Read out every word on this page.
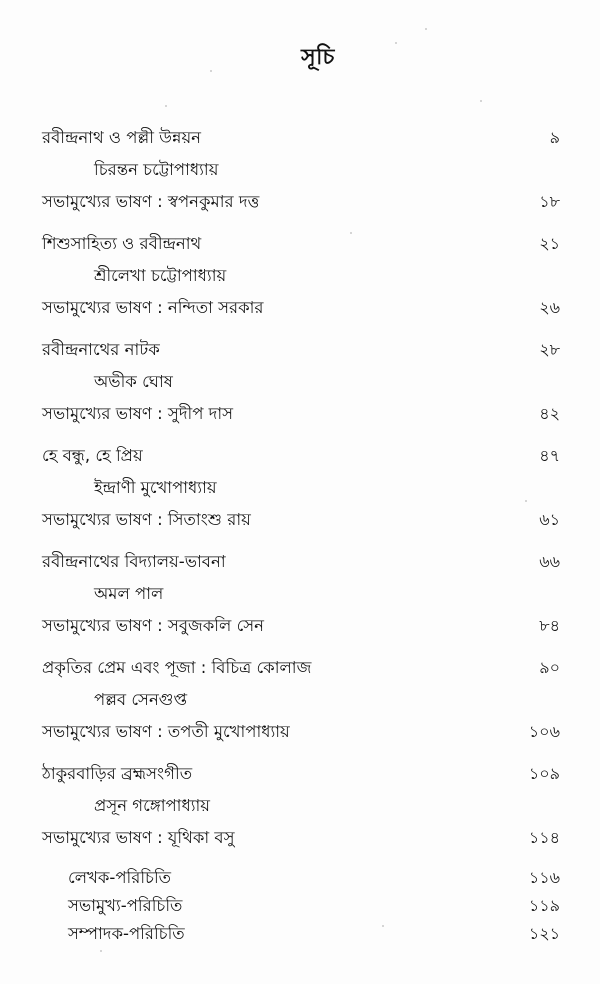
সূচি
রবীন্দ্রনাথ ও পল্লী উন্নয়ন	৯
চিরন্তন চট্টোপাধ্যায়
সভামুখ্যের ভাষণ : স্বপনকুমার দত্ত	১৮
শিশুসাহিত্য ও রবীন্দ্রনাথ	২১
শ্রীলেখা চট্টোপাধ্যায়
সভামুখ্যের ভাষণ : নন্দিতা সরকার	২৬
রবীন্দ্রনাথের নাটক	২৮
অভীক ঘোষ
সভামুখ্যের ভাষণ : সুদীপ দাস	৪২
হে বন্ধু, হে প্রিয়	৪৭
ইন্দ্রাণী মুখোপাধ্যায়
সভামুখ্যের ভাষণ : সিতাংশু রায়	৬১
রবীন্দ্রনাথের বিদ্যালয়-ভাবনা	৬৬
অমল পাল
সভামুখ্যের ভাষণ : সবুজকলি সেন	৮৪
প্রকৃতির প্রেম এবং পূজা : বিচিত্র কোলাজ	৯০
পল্লব সেনগুপ্ত
সভামুখ্যের ভাষণ : তপতী মুখোপাধ্যায়	১০৬
ঠাকুরবাড়ির ব্রহ্মসংগীত	১০৯
প্রসূন গঙ্গোপাধ্যায়
সভামুখ্যের ভাষণ : যূথিকা বসু	১১৪
লেখক-পরিচিতি	১১৬
সভামুখ্য-পরিচিতি	১১৯
সম্পাদক-পরিচিতি	১২১
